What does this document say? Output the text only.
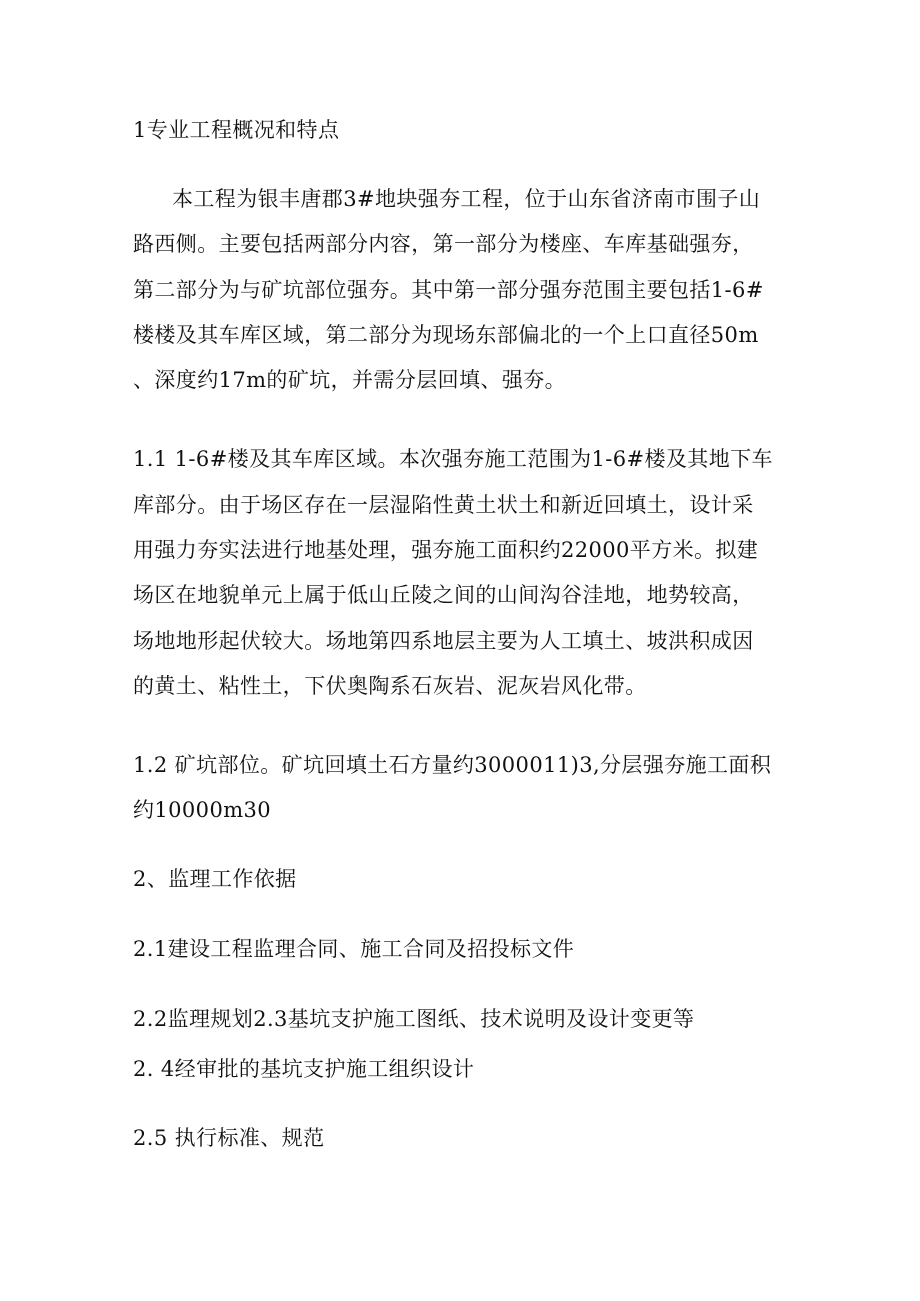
1专业工程概况和特点

本工程为银丰唐郡3#地块强夯工程，位于山东省济南市围子山

路西侧。主要包括两部分内容，第一部分为楼座、车库基础强夯，

第二部分为与矿坑部位强夯。其中第一部分强夯范围主要包括1-6#

楼楼及其车库区域，第二部分为现场东部偏北的一个上口直径50m

、深度约17m的矿坑，并需分层回填、强夯。

1.1 1-6#楼及其车库区域。本次强夯施工范围为1-6#楼及其地下车

库部分。由于场区存在一层湿陷性黄土状土和新近回填土，设计采

用强力夯实法进行地基处理，强夯施工面积约22000平方米。拟建

场区在地貌单元上属于低山丘陵之间的山间沟谷洼地，地势较高，

场地地形起伏较大。场地第四系地层主要为人工填土、坡洪积成因

的黄土、粘性土，下伏奥陶系石灰岩、泥灰岩风化带。

1.2 矿坑部位。矿坑回填土石方量约3000011)3,分层强夯施工面积

约10000m30

2、监理工作依据

2.1建设工程监理合同、施工合同及招投标文件

2.2监理规划2.3基坑支护施工图纸、技术说明及设计变更等

2. 4经审批的基坑支护施工组织设计

2.5 执行标准、规范
